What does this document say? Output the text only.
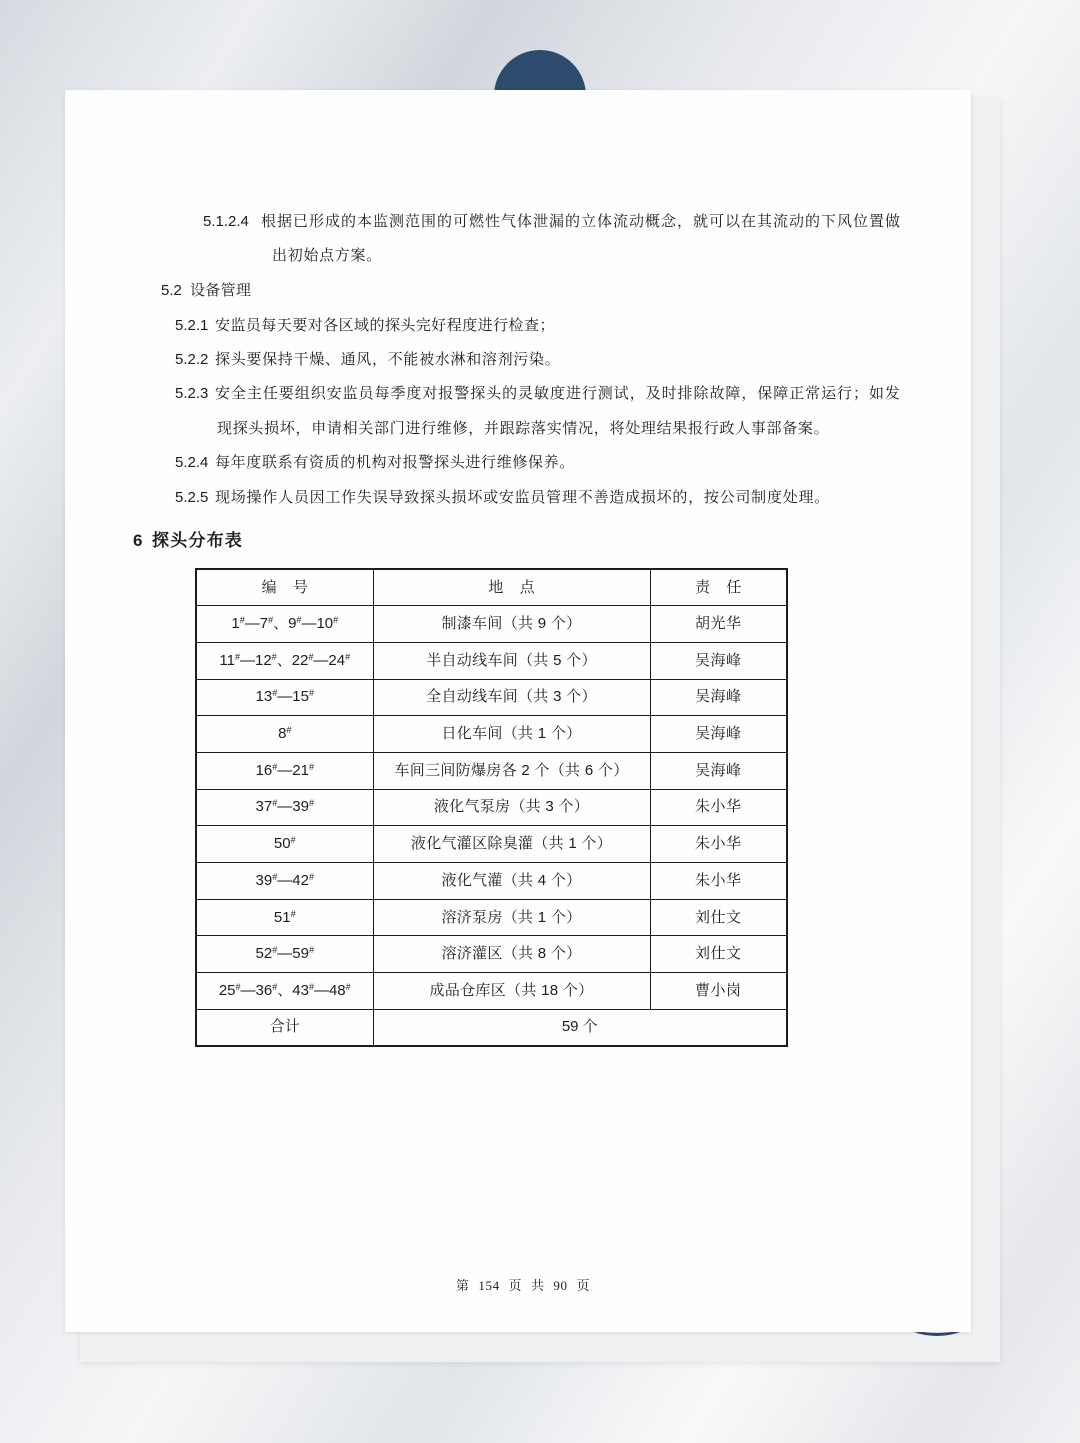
5.1.2.4 根据已形成的本监测范围的可燃性气体泄漏的立体流动概念，就可以在其流动的下风位置做
出初始点方案。
5.2 设备管理
5.2.1 安监员每天要对各区域的探头完好程度进行检查；
5.2.2 探头要保持干燥、通风，不能被水淋和溶剂污染。
5.2.3 安全主任要组织安监员每季度对报警探头的灵敏度进行测试，及时排除故障，保障正常运行；如发
现探头损坏，申请相关部门进行维修，并跟踪落实情况，将处理结果报行政人事部备案。
5.2.4 每年度联系有资质的机构对报警探头进行维修保养。
5.2.5 现场操作人员因工作失误导致探头损坏或安监员管理不善造成损坏的，按公司制度处理。
6 探头分布表
编 号	地 点	责 任
1#—7#、9#—10#	制漆车间（共 9 个）	胡光华
11#—12#、22#—24#	半自动线车间（共 5 个）	吴海峰
13#—15#	全自动线车间（共 3 个）	吴海峰
8#	日化车间（共 1 个）	吴海峰
16#—21#	车间三间防爆房各 2 个（共 6 个）	吴海峰
37#—39#	液化气泵房（共 3 个）	朱小华
50#	液化气灌区除臭灌（共 1 个）	朱小华
39#—42#	液化气灌（共 4 个）	朱小华
51#	溶济泵房（共 1 个）	刘仕文
52#—59#	溶济灌区（共 8 个）	刘仕文
25#—36#、43#—48#	成品仓库区（共 18 个）	曹小岗
合计	59 个	
第 154 页 共 90 页
